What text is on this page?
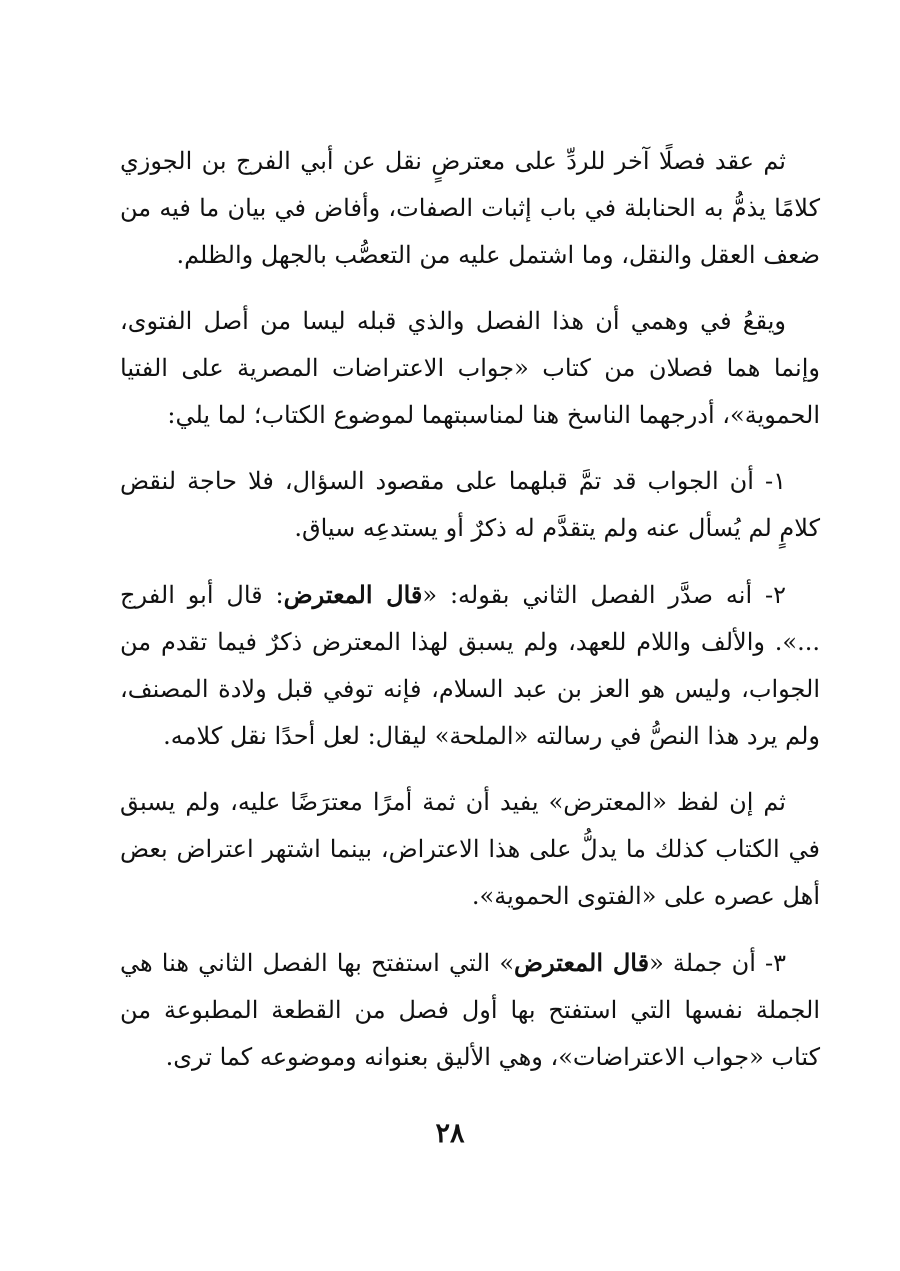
ثم عقد فصلًا آخر للردِّ على معترضٍ نقل عن أبي الفرج بن الجوزي كلامًا يذمُّ به الحنابلة في باب إثبات الصفات، وأفاض في بيان ما فيه من ضعف العقل والنقل، وما اشتمل عليه من التعصُّب بالجهل والظلم.

ويقعُ في وهمي أن هذا الفصل والذي قبله ليسا من أصل الفتوى، وإنما هما فصلان من كتاب «جواب الاعتراضات المصرية على الفتيا الحموية»، أدرجهما الناسخ هنا لمناسبتهما لموضوع الكتاب؛ لما يلي:

١- أن الجواب قد تمَّ قبلهما على مقصود السؤال، فلا حاجة لنقض كلامٍ لم يُسأل عنه ولم يتقدَّم له ذكرٌ أو يستدعِه سياق.

٢- أنه صدَّر الفصل الثاني بقوله: «قال المعترض: قال أبو الفرج ...». والألف واللام للعهد، ولم يسبق لهذا المعترض ذكرٌ فيما تقدم من الجواب، وليس هو العز بن عبد السلام، فإنه توفي قبل ولادة المصنف، ولم يرد هذا النصُّ في رسالته «الملحة» ليقال: لعل أحدًا نقل كلامه.

ثم إن لفظ «المعترض» يفيد أن ثمة أمرًا معترَضًا عليه، ولم يسبق في الكتاب كذلك ما يدلُّ على هذا الاعتراض، بينما اشتهر اعتراض بعض أهل عصره على «الفتوى الحموية».

٣- أن جملة «قال المعترض» التي استفتح بها الفصل الثاني هنا هي الجملة نفسها التي استفتح بها أول فصل من القطعة المطبوعة من كتاب «جواب الاعتراضات»، وهي الأليق بعنوانه وموضوعه كما ترى.

٢٨
